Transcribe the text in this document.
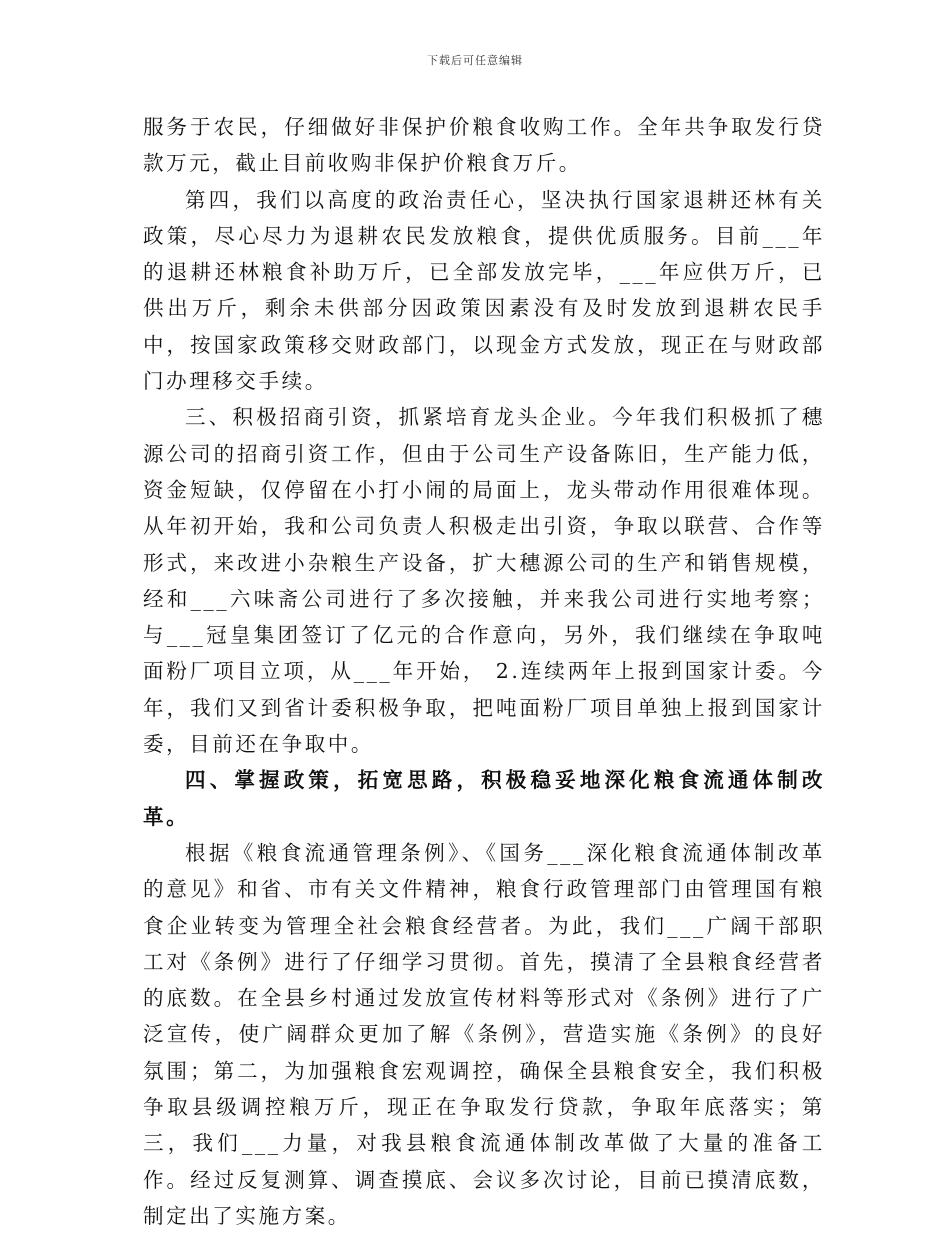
下载后可任意编辑

服务于农民，仔细做好非保护价粮食收购工作。全年共争取发行贷款万元，截止目前收购非保护价粮食万斤。

第四，我们以高度的政治责任心，坚决执行国家退耕还林有关政策，尽心尽力为退耕农民发放粮食，提供优质服务。目前___年的退耕还林粮食补助万斤，已全部发放完毕，___年应供万斤，已供出万斤，剩余未供部分因政策因素没有及时发放到退耕农民手中，按国家政策移交财政部门，以现金方式发放，现正在与财政部门办理移交手续。

三、积极招商引资，抓紧培育龙头企业。今年我们积极抓了穗源公司的招商引资工作，但由于公司生产设备陈旧，生产能力低，资金短缺，仅停留在小打小闹的局面上，龙头带动作用很难体现。从年初开始，我和公司负责人积极走出引资，争取以联营、合作等形式，来改进小杂粮生产设备，扩大穗源公司的生产和销售规模，经和___六味斋公司进行了多次接触，并来我公司进行实地考察；与___冠皇集团签订了亿元的合作意向，另外，我们继续在争取吨面粉厂项目立项，从___年开始， 2.连续两年上报到国家计委。今年，我们又到省计委积极争取，把吨面粉厂项目单独上报到国家计委，目前还在争取中。

四、掌握政策，拓宽思路，积极稳妥地深化粮食流通体制改革。

根据《粮食流通管理条例》、《国务___深化粮食流通体制改革的意见》和省、市有关文件精神，粮食行政管理部门由管理国有粮食企业转变为管理全社会粮食经营者。为此，我们___广阔干部职工对《条例》进行了仔细学习贯彻。首先，摸清了全县粮食经营者的底数。在全县乡村通过发放宣传材料等形式对《条例》进行了广泛宣传，使广阔群众更加了解《条例》，营造实施《条例》的良好氛围；第二，为加强粮食宏观调控，确保全县粮食安全，我们积极争取县级调控粮万斤，现正在争取发行贷款，争取年底落实；第三，我们___力量，对我县粮食流通体制改革做了大量的准备工作。经过反复测算、调查摸底、会议多次讨论，目前已摸清底数，制定出了实施方案。
